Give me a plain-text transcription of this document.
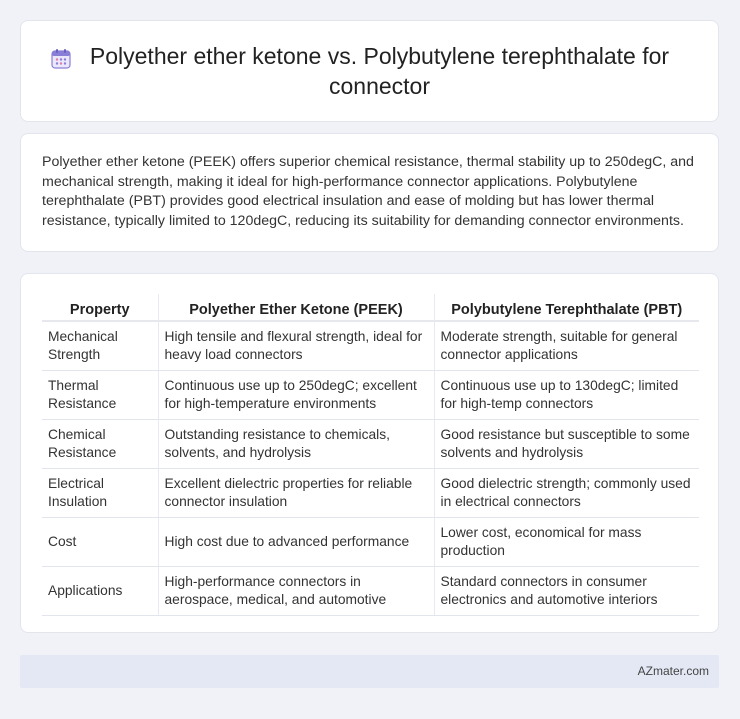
Polyether ether ketone vs. Polybutylene terephthalate for connector

Polyether ether ketone (PEEK) offers superior chemical resistance, thermal stability up to 250degC, and mechanical strength, making it ideal for high-performance connector applications. Polybutylene terephthalate (PBT) provides good electrical insulation and ease of molding but has lower thermal resistance, typically limited to 120degC, reducing its suitability for demanding connector environments.

Property	Polyether Ether Ketone (PEEK)	Polybutylene Terephthalate (PBT)
Mechanical Strength	High tensile and flexural strength, ideal for heavy load connectors	Moderate strength, suitable for general connector applications
Thermal Resistance	Continuous use up to 250degC; excellent for high-temperature environments	Continuous use up to 130degC; limited for high-temp connectors
Chemical Resistance	Outstanding resistance to chemicals, solvents, and hydrolysis	Good resistance but susceptible to some solvents and hydrolysis
Electrical Insulation	Excellent dielectric properties for reliable connector insulation	Good dielectric strength; commonly used in electrical connectors
Cost	High cost due to advanced performance	Lower cost, economical for mass production
Applications	High-performance connectors in aerospace, medical, and automotive	Standard connectors in consumer electronics and automotive interiors
AZmater.com
